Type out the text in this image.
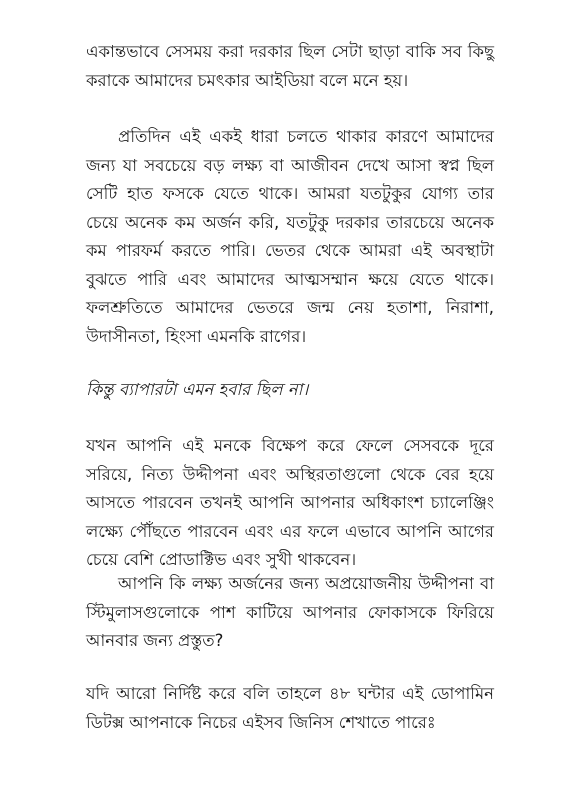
একান্তভাবে সেসময় করা দরকার ছিল সেটা ছাড়া বাকি সব কিছু করাকে আমাদের চমৎকার আইডিয়া বলে মনে হয়।

প্রতিদিন এই একই ধারা চলতে থাকার কারণে আমাদের জন্য যা সবচেয়ে বড় লক্ষ্য বা আজীবন দেখে আসা স্বপ্ন ছিল সেটি হাত ফসকে যেতে থাকে। আমরা যতটুকুর যোগ্য তার চেয়ে অনেক কম অর্জন করি, যতটুকু দরকার তারচেয়ে অনেক কম পারফর্ম করতে পারি। ভেতর থেকে আমরা এই অবস্থাটা বুঝতে পারি এবং আমাদের আত্মসম্মান ক্ষয়ে যেতে থাকে। ফলশ্রুতিতে আমাদের ভেতরে জন্ম নেয় হতাশা, নিরাশা, উদাসীনতা, হিংসা এমনকি রাগের।

কিন্তু ব্যাপারটা এমন হবার ছিল না।

যখন আপনি এই মনকে বিক্ষেপ করে ফেলে সেসবকে দূরে সরিয়ে, নিত্য উদ্দীপনা এবং অস্থিরতাগুলো থেকে বের হয়ে আসতে পারবেন তখনই আপনি আপনার অধিকাংশ চ্যালেঞ্জিং লক্ষ্যে পৌঁছতে পারবেন এবং এর ফলে এভাবে আপনি আগের চেয়ে বেশি প্রোডাক্টিভ এবং সুখী থাকবেন।

আপনি কি লক্ষ্য অর্জনের জন্য অপ্রয়োজনীয় উদ্দীপনা বা স্টিমুলাসগুলোকে পাশ কাটিয়ে আপনার ফোকাসকে ফিরিয়ে আনবার জন্য প্রস্তুত?

যদি আরো নির্দিষ্ট করে বলি তাহলে ৪৮ ঘন্টার এই ডোপামিন ডিটক্স আপনাকে নিচের এইসব জিনিস শেখাতে পারেঃ
